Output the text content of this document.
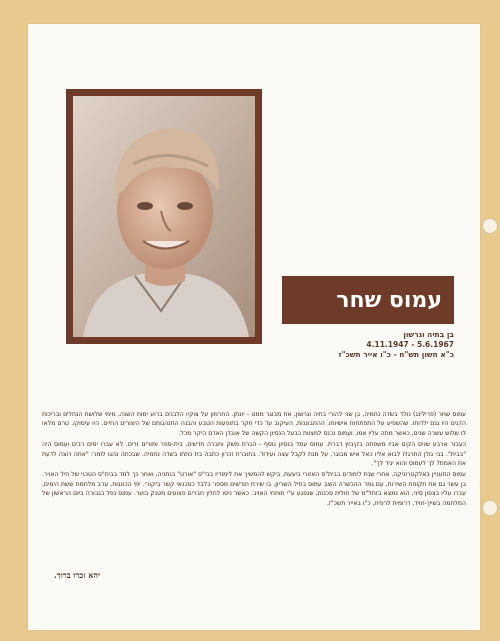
עמוס שחר
בן בתיה וגרשון
4.11.1947 - 5.6.1967
כ"א חשון תש"ח - כ"ו אייר תשכ"ז

עמוס שחר (פרילינג) נולד בשדה נחמיה, בן שני להורי בתיה וגרשון, אח מבוגר ממנו - יונתן. החרמון על צוקיו הלבנים ברוע ימות השנה, מימי שלושת הנחלים ובריכות הדגים היו גנם ילדותו. שהשפיע על התפתחות אישיותו. ההתבוננות, העיקוב עד כדי חקר בתופעות הטבע והבנה התנהגותם של היצורים החיים. היו עיסוקו. טרם מלאו לו שלוש עשרה שנים, כאשר מתה עליו אמו. ועמוס נכנס למצוות כבעל הנסיון הקשה של אובדן האדם היקר מכל.

כעבור ארבע שנים הקים אביו משפחה בקיבוץ דברת. עמוס עמד בנסיון נוסף - הכרת משק וחברה חדשים, בית-ספר ומורים זרים. לא עברו ימים רבים ועמוס היה "בבית". בבי גולן התרגלו לבוא אליו כאל איש מבוגר, על מנת לקבל עצה ועידוד. בחוברת זכרון כתבה בת כתתו בשדה נחמיה. שבכתה נהגו לומר: "אתה רוצה לדעת את האמת? לך לעמוס והוא יגיד לך".

עמוס התעניין באלקטרוניקה. אחרי שנת לימודים בבית"ס האזורי ביעעת, ביקש להמשיך את לימודיו בבי"ס "אורט" בנתניה, ואחר כך למד בבית"ס הטכני של חיל האויר. בן עשר גם את תקופת השירות, עם גמר ההכשרה הוצב עמוס בחיל השריון, בו שירת חודשים מספר בלבד כטכנאי קשר ביקורי. ימי הכוננות, ערב מלחמת ששת הימים, עברו עליו בצפון סיני, הוא נמצא בזחל"מ של חולית סכנות, שנפגע ע"י תותחי האויב. כאשר ניסו לחלץ חברים פצועים מטנק בוער. עמוס נפל בגבורה ביום הראשון של המלחמה בשייך-זוויד, דרומית לרפיח, כ"ו באייר תשכ"ז.

יהא זכרו ברוך.
